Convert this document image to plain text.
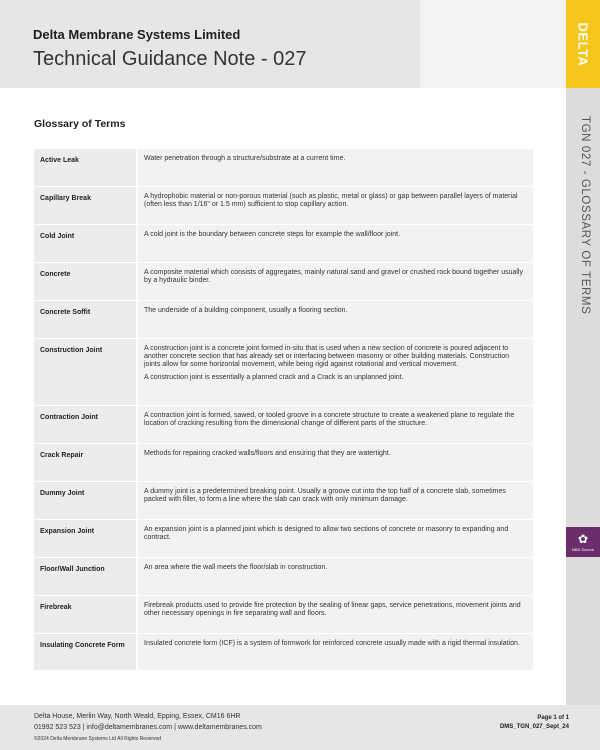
Delta Membrane Systems Limited
Technical Guidance Note - 027	DELTA
TGN 027 - GLOSSARY OF TERMS
✿
NBS Source
Glossary of Terms
Active Leak	Water penetration through a structure/substrate at a current time.

Capillary Break	A hydrophobic material or non-porous material (such as plastic, metal or glass) or gap between parallel layers of material (often less than 1/16" or 1.5 mm) sufficient to stop capillary action.

Cold Joint	A cold joint is the boundary between concrete steps for example the wall/floor joint.

Concrete	A composite material which consists of aggregates, mainly natural sand and gravel or crushed rock bound together usually by a hydraulic binder.

Concrete Soffit	The underside of a building component, usually a flooring section.

Construction Joint	A construction joint is a concrete joint formed in-situ that is used when a new section of concrete is poured adjacent to another concrete section that has already set or interfacing between masonry or other building materials. Construction joints allow for some horizontal movement, while being rigid against rotational and vertical movement.

A construction joint is essentially a planned crack and a Crack is an unplanned joint.

Contraction Joint	A contraction joint is formed, sawed, or tooled groove in a concrete structure to create a weakened plane to regulate the location of cracking resulting from the dimensional change of different parts of the structure.

Crack Repair	Methods for repairing cracked walls/floors and ensuring that they are watertight.

Dummy Joint	A dummy joint is a predetermined breaking point. Usually a groove cut into the top half of a concrete slab, sometimes packed with filler, to form a line where the slab can crack with only minimum damage.

Expansion Joint	An expansion joint is a planned joint which is designed to allow two sections of concrete or masonry to expanding and contract.

Floor/Wall Junction	An area where the wall meets the floor/slab in construction.

Firebreak	Firebreak products used to provide fire protection by the sealing of linear gaps, service penetrations, movement joints and other necessary openings in fire separating wall and floors.

Insulating Concrete Form	Insulated concrete form (ICF) is a system of formwork for reinforced concrete usually made with a rigid thermal insulation.

Delta House, Merlin Way, North Weald, Epping, Essex, CM16 6HR
01992 523 523 | info@deltamembranes.com | www.deltamembranes.com
©2024 Delta Membrane Systems Ltd All Rights Reserved
Page 1 of 1
DMS_TGN_027_Sept_24
